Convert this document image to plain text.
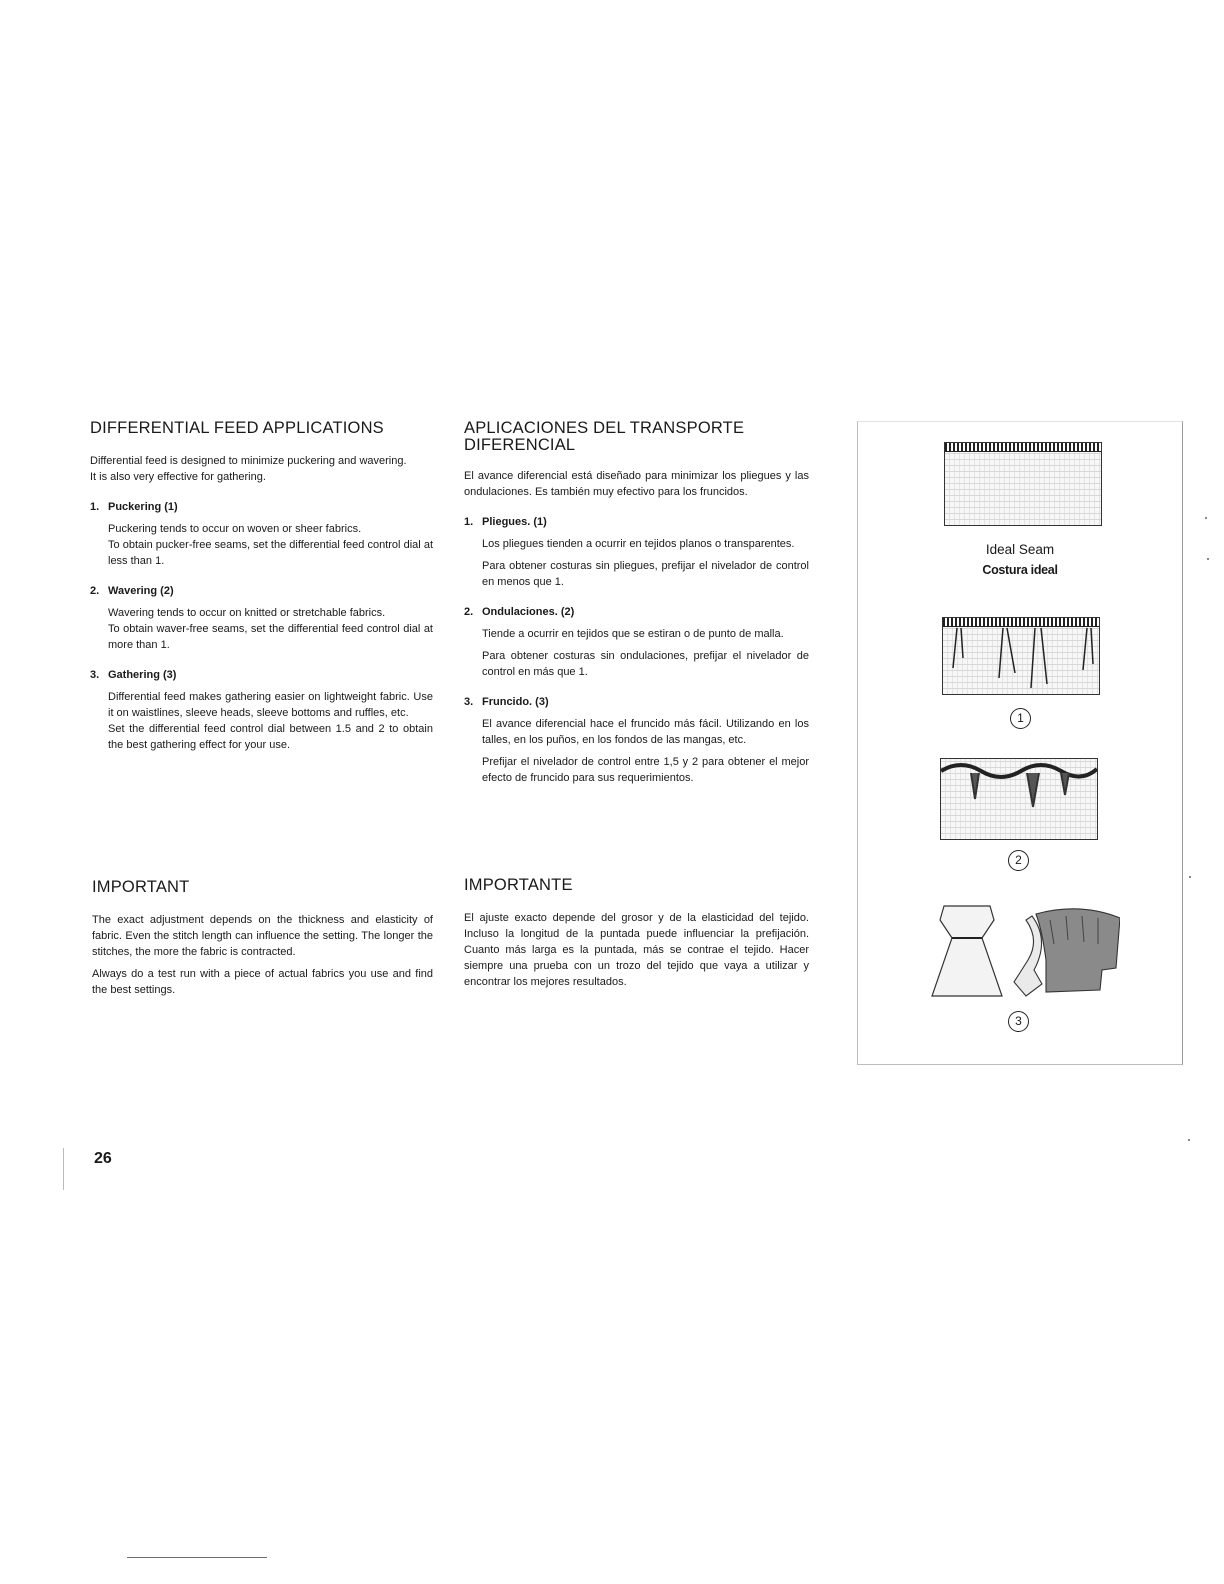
DIFFERENTIAL FEED APPLICATIONS

Differential feed is designed to minimize puckering and wavering.

It is also very effective for gathering.

1. Puckering (1)

Puckering tends to occur on woven or sheer fabrics.

To obtain pucker-free seams, set the differential feed control dial at less than 1.

2. Wavering (2)

Wavering tends to occur on knitted or stretchable fabrics.

To obtain waver-free seams, set the differential feed control dial at more than 1.

3. Gathering (3)

Differential feed makes gathering easier on lightweight fabric. Use it on waistlines, sleeve heads, sleeve bottoms and ruffles, etc.

Set the differential feed control dial between 1.5 and 2 to obtain the best gathering effect for your use.

IMPORTANT

The exact adjustment depends on the thickness and elasticity of fabric. Even the stitch length can influence the setting. The longer the stitches, the more the fabric is contracted.

Always do a test run with a piece of actual fabrics you use and find the best settings.

APLICACIONES DEL TRANSPORTE DIFERENCIAL

El avance diferencial está diseñado para minimizar los pliegues y las ondulaciones. Es también muy efectivo para los fruncidos.

1. Pliegues. (1)

Los pliegues tienden a ocurrir en tejidos planos o transparentes.

Para obtener costuras sin pliegues, prefijar el nivelador de control en menos que 1.

2. Ondulaciones. (2)

Tiende a ocurrir en tejidos que se estiran o de punto de malla.

Para obtener costuras sin ondulaciones, prefijar el nivelador de control en más que 1.

3. Fruncido. (3)

El avance diferencial hace el fruncido más fácil. Utilizando en los talles, en los puños, en los fondos de las mangas, etc.

Prefijar el nivelador de control entre 1,5 y 2 para obtener el mejor efecto de fruncido para sus requerimientos.

IMPORTANTE

El ajuste exacto depende del grosor y de la elasticidad del tejido. Incluso la longitud de la puntada puede influenciar la prefijación. Cuanto más larga es la puntada, más se contrae el tejido. Hacer siempre una prueba con un trozo del tejido que vaya a utilizar y encontrar los mejores resultados.

Ideal Seam
Costura ideal
1
2
3
26
